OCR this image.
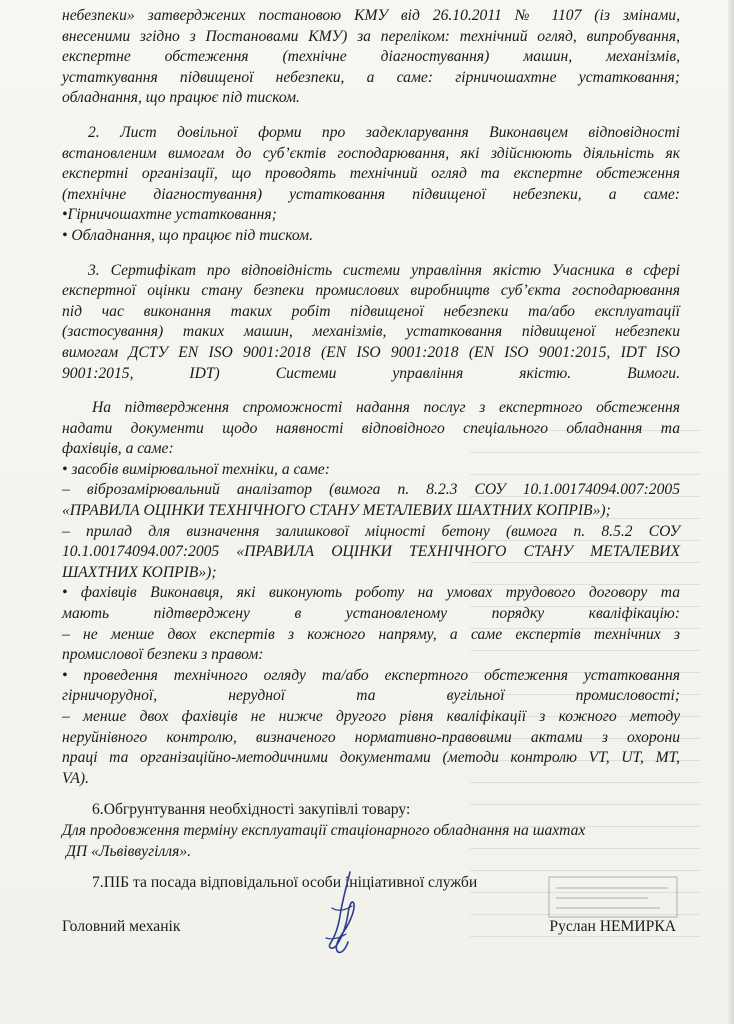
небезпеки» затверджених постановою КМУ від 26.10.2011 № 1107 (із змінами,
внесеними згідно з Постановами КМУ) за переліком: технічний огляд, випробування,
експертне обстеження (технічне діагностування) машин, механізмів,
устаткування підвищеної небезпеки, а саме: гірничошахтне устатковання;
обладнання, що працює під тиском.
2. Лист довільної форми про задекларування Виконавцем відповідності
встановленим вимогам до суб’єктів господарювання, які здійснюють діяльність як
експертні організації, що проводять технічний огляд та експертне обстеження
(технічне діагностування) устатковання підвищеної небезпеки, а саме:
•Гірничошахтне устатковання;
• Обладнання, що працює під тиском.
3. Сертифікат про відповідність системи управління якістю Учасника в сфері
експертної оцінки стану безпеки промислових виробництв суб’єкта господарювання
під час виконання таких робіт підвищеної небезпеки та/або експлуатації
(застосування) таких машин, механізмів, устатковання підвищеної небезпеки
вимогам ДСТУ EN ISO 9001:2018 (EN ISO 9001:2018 (EN ISO 9001:2015, IDT ISO
9001:2015, IDT) Системи управління якістю. Вимоги.
На підтвердження спроможності надання послуг з експертного обстеження
надати документи щодо наявності відповідного спеціального обладнання та
фахівців, а саме:
• засобів вимірювальної техніки, а саме:
– віброзамірювальний аналізатор (вимога п. 8.2.3 СОУ 10.1.00174094.007:2005
«ПРАВИЛА ОЦІНКИ ТЕХНІЧНОГО СТАНУ МЕТАЛЕВИХ ШАХТНИХ КОПРІВ»);
– прилад для визначення залишкової міцності бетону (вимога п. 8.5.2 СОУ
10.1.00174094.007:2005 «ПРАВИЛА ОЦІНКИ ТЕХНІЧНОГО СТАНУ МЕТАЛЕВИХ
ШАХТНИХ КОПРІВ»);
• фахівців Виконавця, які виконують роботу на умовах трудового договору та
мають підтверджену в установленому порядку кваліфікацію:
– не менше двох експертів з кожного напряму, а саме експертів технічних з
промислової безпеки з правом:
• проведення технічного огляду та/або експертного обстеження устатковання
гірничорудної, нерудної та вугільної промисловості;
– менше двох фахівців не нижче другого рівня кваліфікації з кожного методу
неруйнівного контролю, визначеного нормативно-правовими актами з охорони
праці та організаційно-методичними документами (методи контролю VT, UT, MT,
VA).
6.Обгрунтування необхідності закупівлі товару:
Для продовження терміну експлуатації стаціонарного обладнання на шахтах
ДП «Львіввугілля».
7.ПІБ та посада відповідальної особи ініціативної служби
Головний механік	Руслан НЕМИРКА
